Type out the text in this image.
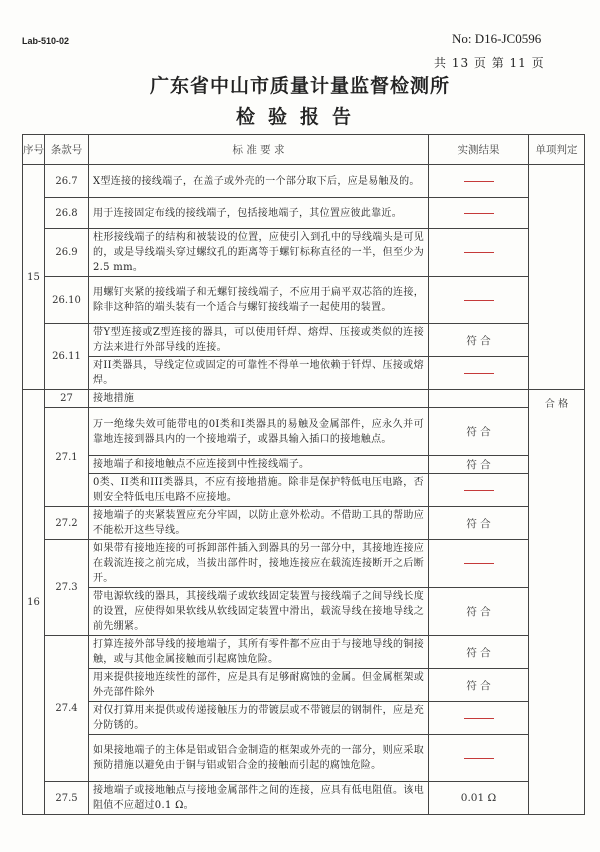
Lab-510-02	No: D16-JC0596
共 13 页 第 11 页
广东省中山市质量计量监督检测所
检验报告
序号	条款号	标 准 要 求	实测结果	单项判定
15	26.7	X型连接的接线端子，在盖子或外壳的一个部分取下后，应是易触及的。		
	26.8	用于连接固定布线的接线端子，包括接地端子，其位置应彼此靠近。		
	26.9	柱形接线端子的结构和被装设的位置，应使引入到孔中的导线端头是可见的，或是导线端头穿过螺纹孔的距离等于螺钉标称直径的一半，但至少为2.5 mm。		
	26.10	用螺钉夹紧的接线端子和无螺钉接线端子，不应用于扁平双芯箔的连接，除非这种箔的端头装有一个适合与螺钉接线端子一起使用的装置。		
	26.11	带Y型连接或Z型连接的器具，可以使用钎焊、熔焊、压接或类似的连接方法来进行外部导线的连接。	符 合	
		对II类器具，导线定位或固定的可靠性不得单一地依赖于钎焊、压接或熔焊。		
16	27	接地措施		合 格
	27.1	万一绝缘失效可能带电的0I类和I类器具的易触及金属部件，应永久并可靠地连接到器具内的一个接地端子，或器具输入插口的接地触点。	符 合	
		接地端子和接地触点不应连接到中性接线端子。	符 合	
		0类、II类和III类器具，不应有接地措施。除非是保护特低电压电路，否则安全特低电压电路不应接地。		
	27.2	接地端子的夹紧装置应充分牢固，以防止意外松动。不借助工具的帮助应不能松开这些导线。	符 合	
	27.3	如果带有接地连接的可拆卸部件插入到器具的另一部分中，其接地连接应在载流连接之前完成，当拔出部件时，接地连接应在载流连接断开之后断开。		
		带电源软线的器具，其接线端子或软线固定装置与接线端子之间导线长度的设置，应使得如果软线从软线固定装置中滑出，载流导线在接地导线之前先绷紧。	符 合	
	27.4	打算连接外部导线的接地端子，其所有零件都不应由于与接地导线的铜接触，或与其他金属接触而引起腐蚀危险。	符 合	
		用来提供接地连续性的部件，应是具有足够耐腐蚀的金属。但金属框架或外壳部件除外	符 合	
		对仅打算用来提供或传递接触压力的带镀层或不带镀层的钢制件，应是充分防锈的。		
		如果接地端子的主体是铝或铝合金制造的框架或外壳的一部分，则应采取预防措施以避免由于铜与铝或铝合金的接触而引起的腐蚀危险。		
	27.5	接地端子或接地触点与接地金属部件之间的连接，应具有低电阻值。该电阻值不应超过0.1 Ω。	0.01 Ω	
